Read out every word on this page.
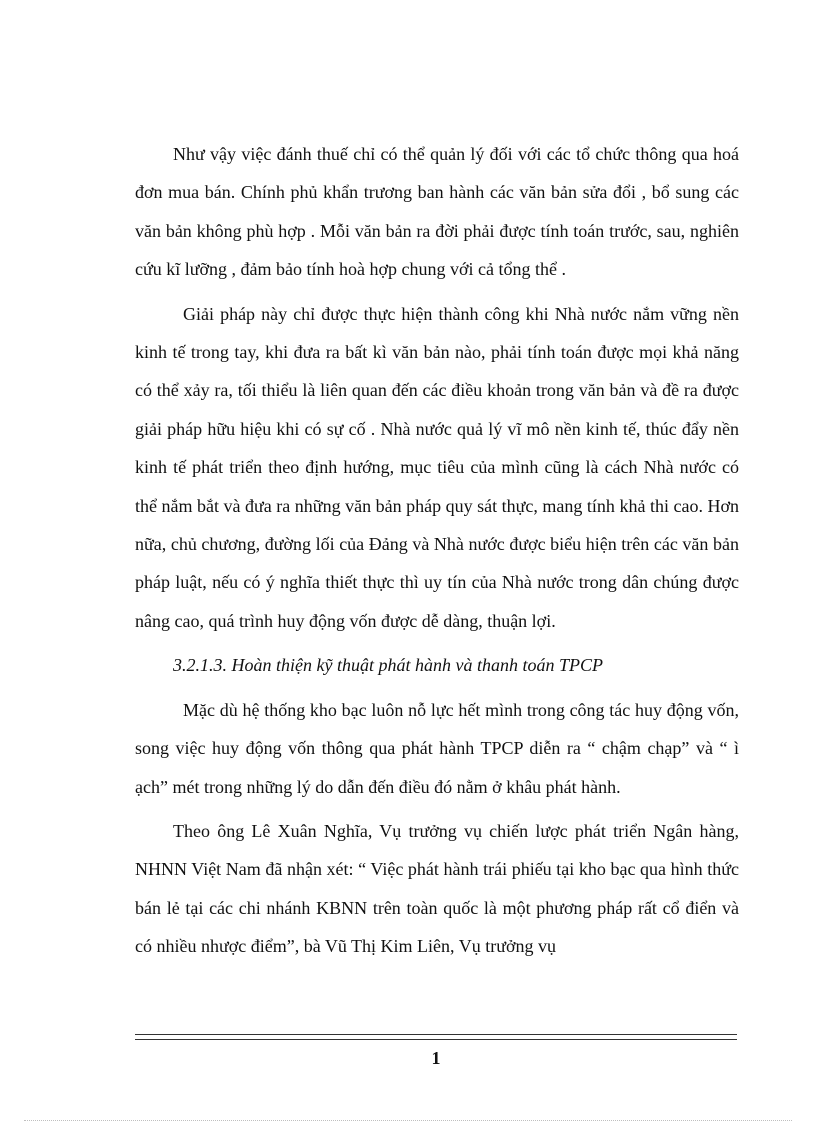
Như vậy việc đánh thuế chỉ có thể quản lý đối với các tổ chức thông qua hoá đơn mua bán. Chính phủ khẩn trương ban hành các văn bản sửa đổi , bổ sung các văn bản không phù hợp . Mỗi văn bản ra đời phải được tính toán trước, sau, nghiên cứu kĩ lưỡng , đảm bảo tính hoà hợp chung với cả tổng thể .

Giải pháp này chỉ được thực hiện thành công khi Nhà nước nắm vững nền kinh tế trong tay, khi đưa ra bất kì văn bản nào, phải tính toán được mọi khả năng có thể xảy ra, tối thiểu là liên quan đến các điều khoản trong văn bản và đề ra được giải pháp hữu hiệu khi có sự cố . Nhà nước quả lý vĩ mô nền kinh tế, thúc đẩy nền kinh tế phát triển theo định hướng, mục tiêu của mình cũng là cách Nhà nước có thể nắm bắt và đưa ra những văn bản pháp quy sát thực, mang tính khả thi cao. Hơn nữa, chủ chương, đường lối của Đảng và Nhà nước được biểu hiện trên các văn bản pháp luật, nếu có ý nghĩa thiết thực thì uy tín của Nhà nước trong dân chúng được nâng cao, quá trình huy động vốn được dễ dàng, thuận lợi.

3.2.1.3. Hoàn thiện kỹ thuật phát hành và thanh toán TPCP

Mặc dù hệ thống kho bạc luôn nỗ lực hết mình trong công tác huy động vốn, song việc huy động vốn thông qua phát hành TPCP diễn ra “ chậm chạp” và “ ì ạch” mét trong những lý do dẫn đến điều đó nằm ở khâu phát hành.

Theo ông Lê Xuân Nghĩa, Vụ trưởng vụ chiến lược phát triển Ngân hàng, NHNN Việt Nam đã nhận xét: “ Việc phát hành trái phiếu tại kho bạc qua hình thức bán lẻ tại các chi nhánh KBNN trên toàn quốc là một phương pháp rất cổ điển và có nhiều nhược điểm”, bà Vũ Thị Kim Liên, Vụ trưởng vụ

1
